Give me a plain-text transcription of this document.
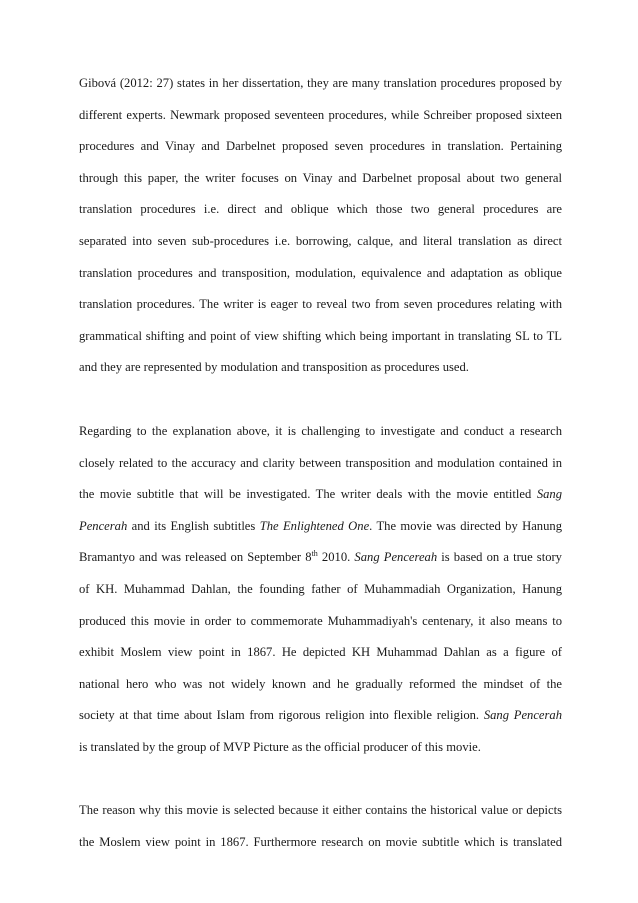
Gibová (2012: 27) states in her dissertation, they are many translation procedures proposed by
different experts. Newmark proposed seventeen procedures, while Schreiber proposed sixteen
procedures and Vinay and Darbelnet proposed seven procedures in translation. Pertaining
through this paper, the writer focuses on Vinay and Darbelnet proposal about two general
translation procedures i.e. direct and oblique which those two general procedures are
separated into seven sub-procedures i.e. borrowing, calque, and literal translation as direct
translation procedures and transposition, modulation, equivalence and adaptation as oblique
translation procedures. The writer is eager to reveal two from seven procedures relating with
grammatical shifting and point of view shifting which being important in translating SL to TL
and they are represented by modulation and transposition as procedures used.
Regarding to the explanation above, it is challenging to investigate and conduct a research
closely related to the accuracy and clarity between transposition and modulation contained in
the movie subtitle that will be investigated. The writer deals with the movie entitled Sang
Pencerah and its English subtitles The Enlightened One. The movie was directed by Hanung
Bramantyo and was released on September 8th 2010. Sang Pencereah is based on a true story
of KH. Muhammad Dahlan, the founding father of Muhammadiah Organization, Hanung
produced this movie in order to commemorate Muhammadiyah's centenary, it also means to
exhibit Moslem view point in 1867. He depicted KH Muhammad Dahlan as a figure of
national hero who was not widely known and he gradually reformed the mindset of the
society at that time about Islam from rigorous religion into flexible religion. Sang Pencerah
is translated by the group of MVP Picture as the official producer of this movie.
The reason why this movie is selected because it either contains the historical value or depicts
the Moslem view point in 1867. Furthermore research on movie subtitle which is translated
